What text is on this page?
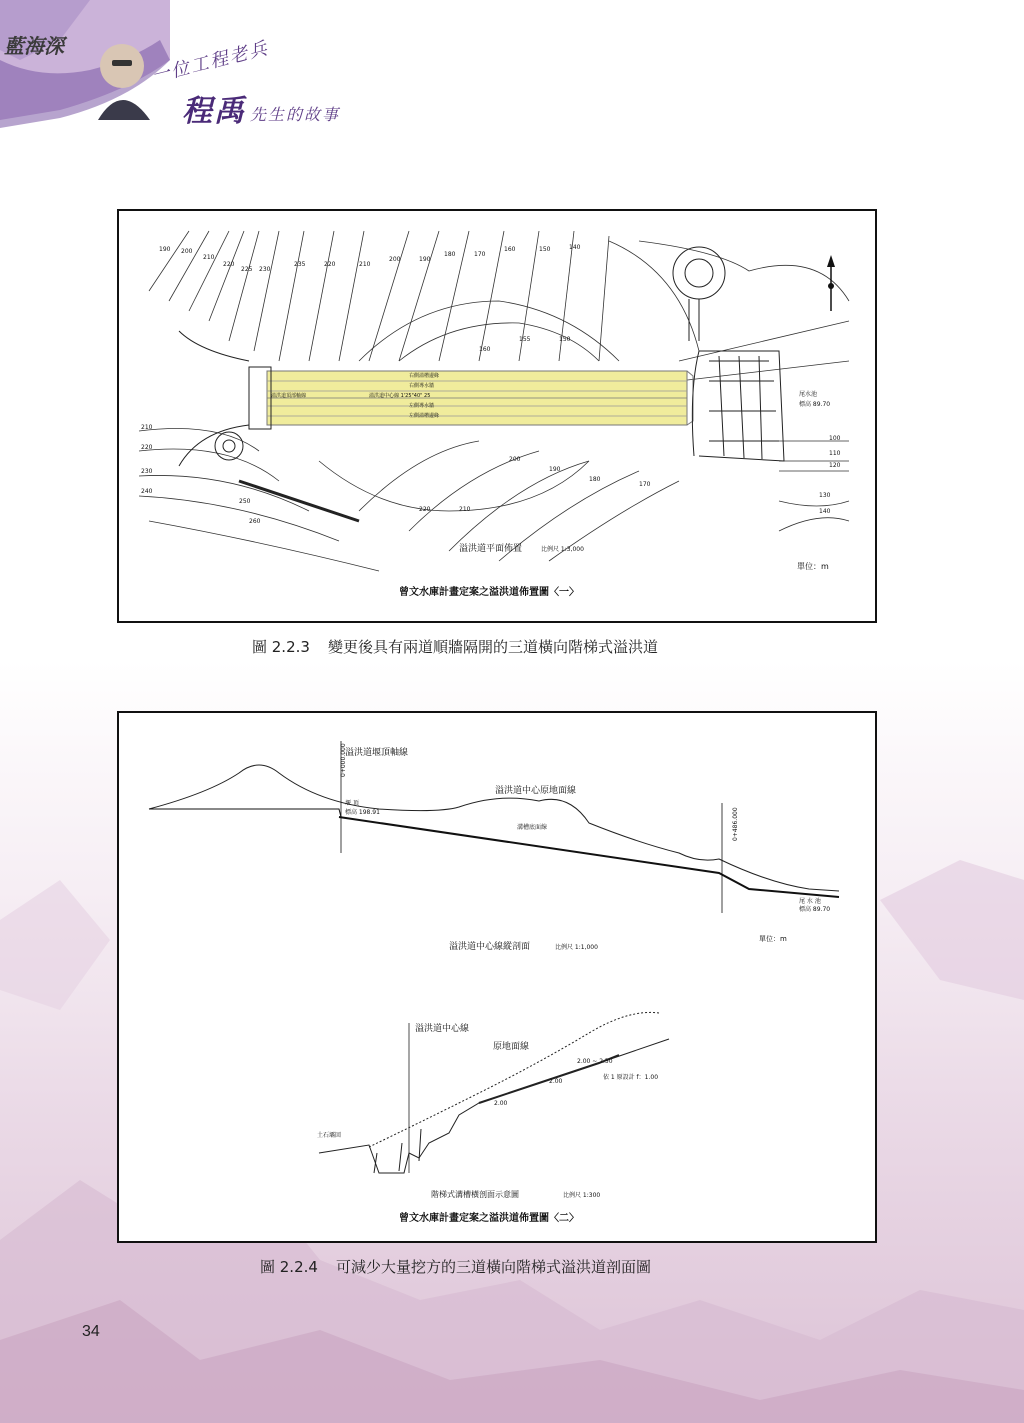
藍海深	一位工程老兵
程禹 先生的故事
右側溢槽邊緣
右側導水牆
溢洪道中心線 1'25"40" 25
左側導水牆
左側溢槽邊緣
溢洪道頂部軸線	尾水池
標高 89.70
190 200
210
220
225 230
235	220	210
200	190
180	170
160	150	140
210
220
230
240
250
260
100
110
120
130
140
220	210
200
190
180
170
160
155	150
溢洪道平面佈置	比例尺 1:3,000
單位：m
曾文水庫計畫定案之溢洪道佈置圖〈一〉
圖 2.2.3 變更後具有兩道順牆隔開的三道橫向階梯式溢洪道
溢洪道堰頂軸線
溢洪道中心原地面線
堰 頂
標高 198.91
溝槽底面線
0+000.000
0+486.000
尾 水 池
標高 89.70
單位：m
溢洪道中心線縱剖面	比例尺 1:1,000
溢洪道中心線
原地面線
2.00 ~ 2.50
依 1 原設計 f：1.00
2.00
2.00
土石壩回
階梯式溝槽橫剖面示意圖	比例尺 1:300
曾文水庫計畫定案之溢洪道佈置圖〈二〉
圖 2.2.4 可減少大量挖方的三道橫向階梯式溢洪道剖面圖
34
